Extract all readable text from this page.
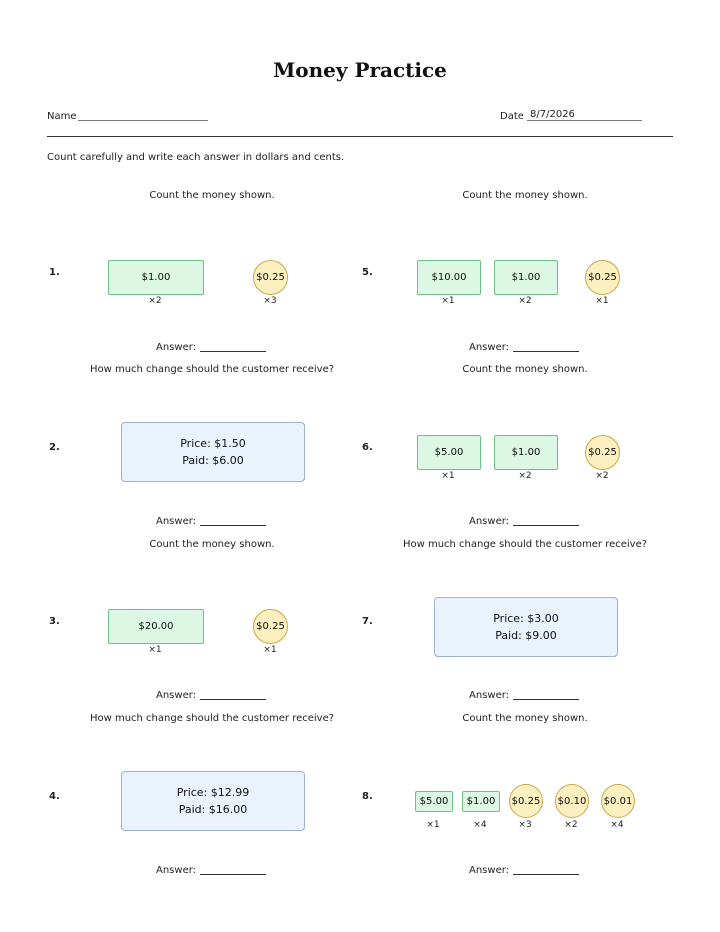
Money Practice
Name	Date 8/7/2026
Count carefully and write each answer in dollars and cents.
Count the money shown.
1.	$1.00
×2
$0.25
×3
Answer:
How much change should the customer receive?
2.	Price: $1.50
Paid: $6.00
Answer:
Count the money shown.
3.	$20.00
×1
$0.25
×1
Answer:
How much change should the customer receive?
4.	Price: $12.99
Paid: $16.00
Answer:
Count the money shown.
5.	$10.00
×1
$1.00
×2
$0.25
×1
Answer:
Count the money shown.
6.	$5.00
×1
$1.00
×2
$0.25
×2
Answer:
How much change should the customer receive?
7.	Price: $3.00
Paid: $9.00
Answer:
Count the money shown.
8.	$5.00
×1
$1.00
×4
$0.25
×3
$0.10
×2
$0.01
×4
Answer:
